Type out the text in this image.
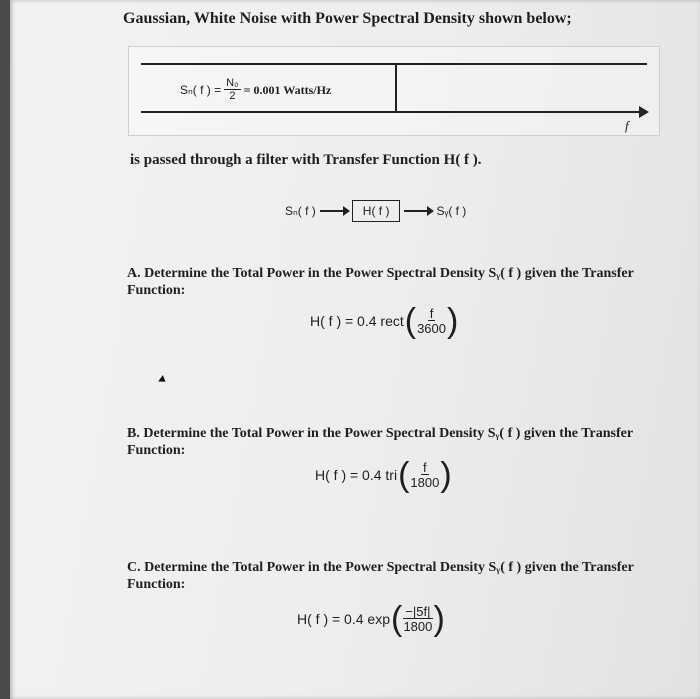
Gaussian, White Noise with Power Spectral Density shown below;
f
Sₙ( f ) = $\frac{\text{N₀}}{2} = 0.001$ Watts/Hz
is passed through a filter with Transfer Function H( f ).
Sₙ( f )	H( f )	Sᵧ( f )
A. Determine the Total Power in the Power Spectral Density Sᵧ( f ) given the Transfer Function:
H( f ) = 0.4 rect ( $\frac{f}{3600}$ )
B. Determine the Total Power in the Power Spectral Density Sᵧ( f ) given the Transfer Function:
H( f ) = 0.4 tri ( $\frac{f}{1800}$ )
C. Determine the Total Power in the Power Spectral Density Sᵧ( f ) given the Transfer Function:
H( f ) = 0.4 exp ( $\frac{-|5f|}{1800}$ )
